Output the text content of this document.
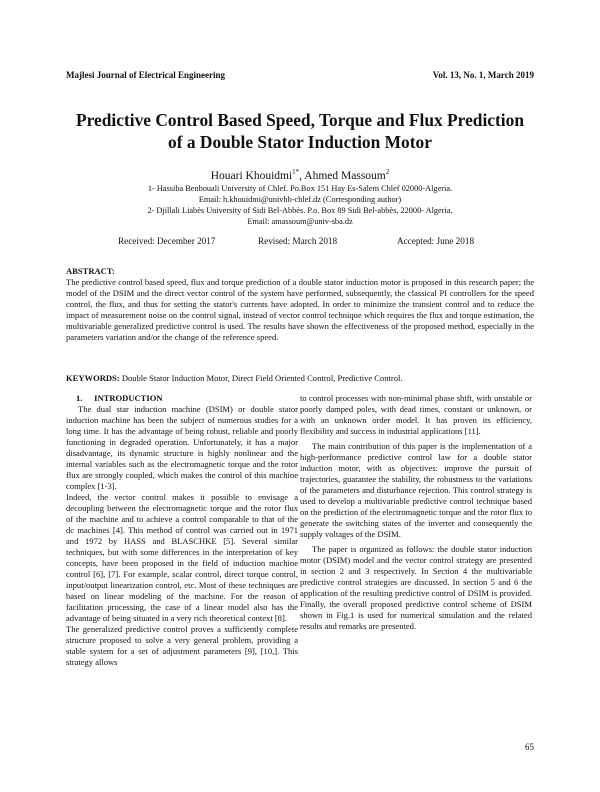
Majlesi Journal of Electrical Engineering	Vol. 13, No. 1, March 2019
Predictive Control Based Speed, Torque and Flux Prediction
of a Double Stator Induction Motor
Houari Khouidmi$^{1*}$, Ahmed Massoum$^2$
1- Hassiba Benbouali University of Chlef. Po.Box 151 Hay Es-Salem Chlef 02000-Algeria.
Email: h.khouidmi@univhb-chlef.dz (Corresponding author)
2- Djillali Liabès University of Sidi Bel-Abbès. P.o. Box 89 Sidi Bel-abbès, 22000- Algeria.
Email: amassoum@univ-sba.dz
Received: December 2017	Revised: March 2018	Accepted: June 2018
ABSTRACT:
The predictive control based speed, flux and torque prediction of a double stator induction motor is proposed in this research paper; the model of the DSIM and the direct vector control of the system have performed, subsequently, the classical PI controllers for the speed control, the flux, and thus for setting the stator's currents have adopted. In order to minimize the transient control and to reduce the impact of measurement noise on the control signal, instead of vector control technique which requires the flux and torque estimation, the multivariable generalized predictive control is used. The results have shown the effectiveness of the proposed method, especially in the parameters variation and/or the change of the reference speed.
KEYWORDS: Double Stator Induction Motor, Direct Field Oriented Control, Predictive Control.

1. INTRODUCTION

The dual star induction machine (DSIM) or double stator induction machine has been the subject of numerous studies for a long time. It has the advantage of being robust, reliable and poorly functioning in degraded operation. Unfortunately, it has a major disadvantage, its dynamic structure is highly nonlinear and the internal variables such as the electromagnetic torque and the rotor flux are strongly coupled, which makes the control of this machine complex [1-3].

Indeed, the vector control makes it possible to envisage a decoupling between the electromagnetic torque and the rotor flux of the machine and to achieve a control comparable to that of the dc machines [4]. This method of control was carried out in 1971 and 1972 by HASS and BLASCHKE [5]. Several similar techniques, but with some differences in the interpretation of key concepts, have been proposed in the field of induction machine control [6], [7]. For example, scalar control, direct torque control, input/output linearization control, etc. Most of these techniques are based on linear modeling of the machine. For the reason of facilitation processing, the case of a linear model also has the advantage of being situated in a very rich theoretical context [8].

The generalized predictive control proves a sufficiently complete structure proposed to solve a very general problem, providing a stable system for a set of adjustment parameters [9], [10,]. This strategy allows

to control processes with non-minimal phase shift, with unstable or poorly damped poles, with dead times, constant or unknown, or with an unknown order model. It has proven its efficiency, flexibility and success in industrial applications [11].

The main contribution of this paper is the implementation of a high-performance predictive control law for a double stator induction motor, with as objectives: improve the pursuit of trajectories, guarantee the stability, the robustness to the variations of the parameters and disturbance rejection. This control strategy is used to develop a multivariable predictive control technique based on the prediction of the electromagnetic torque and the rotor flux to generate the switching states of the inverter and consequently the supply voltages of the DSIM.

The paper is organized as follows: the double stator induction motor (DSIM) model and the vector control strategy are presented in section 2 and 3 respectively. In Section 4 the multivariable predictive control strategies are discussed. In section 5 and 6 the application of the resulting predictive control of DSIM is provided. Finally, the overall proposed predictive control scheme of DSIM shown in Fig.1 is used for numerical simulation and the related results and remarks are presented.

65
